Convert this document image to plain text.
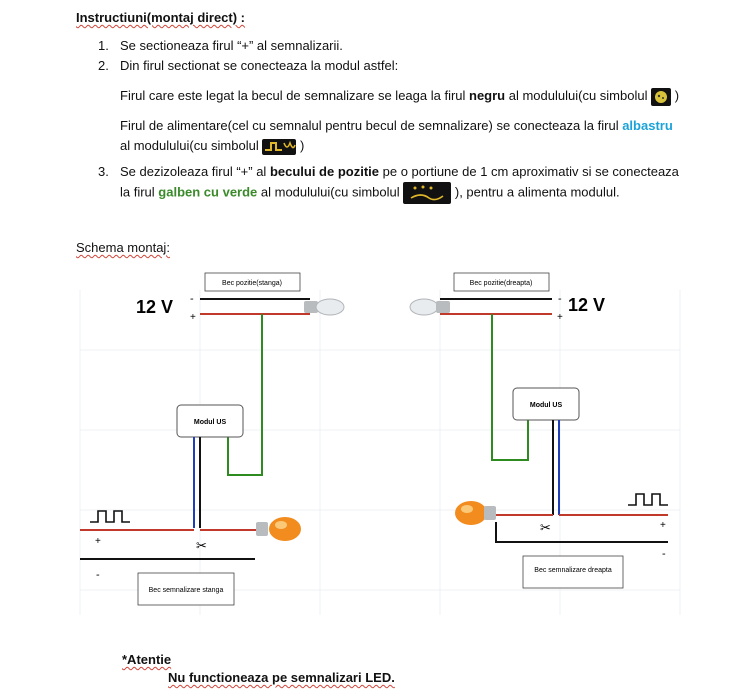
Instructiuni(montaj direct) :
1. Se sectioneaza firul “+” al semnalizarii.
2. Din firul sectionat se conecteaza la modul astfel:
Firul care este legat la becul de semnalizare se leaga la firul negru al modulului(cu simbolul  )
Firul de alimentare(cel cu semnalul pentru becul de semnalizare) se conecteaza la firul albastru
al modulului(cu simbolul	)
3. Se dezizoleaza firul “+” al becului de pozitie pe o portiune de 1 cm aproximativ si se conecteaza
la firul galben cu verde al modulului(cu simbolul	), pentru a alimenta modulul.
Schema montaj:
Bec pozitie(stanga)
12 V -
+
Modul US
+	✂
-
Bec semnalizare stanga
Bec pozitie(dreapta)
12 V
-
+
Modul US
✂	+
-
Bec semnalizare dreapta
*Atentie
Nu functioneaza pe semnalizari LED.
